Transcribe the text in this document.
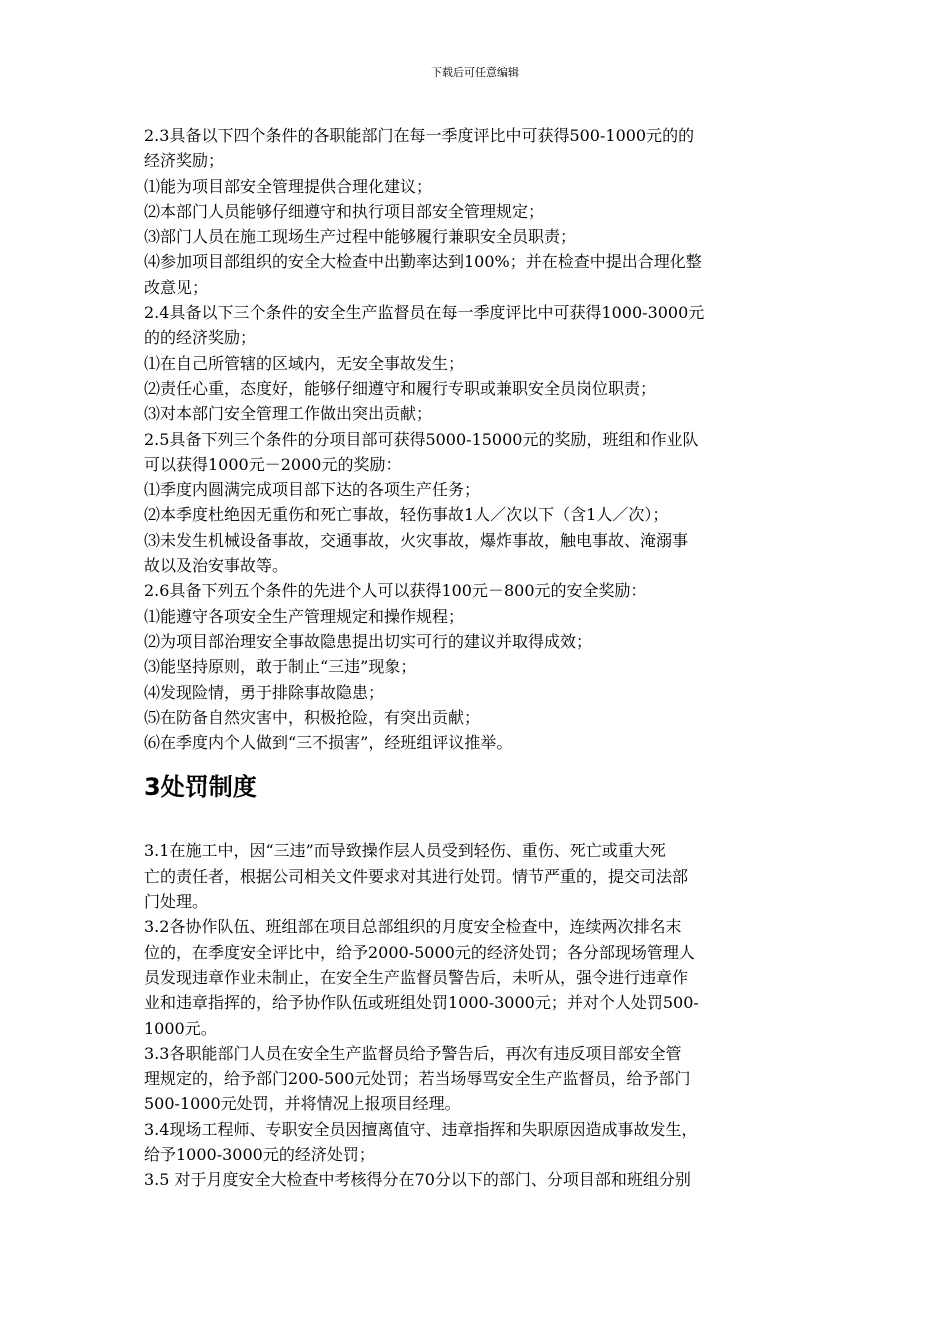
下载后可任意编辑
2.3具备以下四个条件的各职能部门在每一季度评比中可获得500-1000元的的
经济奖励；
⑴能为项目部安全管理提供合理化建议；
⑵本部门人员能够仔细遵守和执行项目部安全管理规定；
⑶部门人员在施工现场生产过程中能够履行兼职安全员职责；
⑷参加项目部组织的安全大检查中出勤率达到100%；并在检查中提出合理化整
改意见；
2.4具备以下三个条件的安全生产监督员在每一季度评比中可获得1000-3000元
的的经济奖励；
⑴在自己所管辖的区域内，无安全事故发生；
⑵责任心重，态度好，能够仔细遵守和履行专职或兼职安全员岗位职责；
⑶对本部门安全管理工作做出突出贡献；
2.5具备下列三个条件的分项目部可获得5000-15000元的奖励，班组和作业队
可以获得1000元－2000元的奖励：
⑴季度内圆满完成项目部下达的各项生产任务；
⑵本季度杜绝因无重伤和死亡事故，轻伤事故1人／次以下（含1人／次）；
⑶未发生机械设备事故，交通事故，火灾事故，爆炸事故，触电事故、淹溺事
故以及治安事故等。
2.6具备下列五个条件的先进个人可以获得100元－800元的安全奖励：
⑴能遵守各项安全生产管理规定和操作规程；
⑵为项目部治理安全事故隐患提出切实可行的建议并取得成效；
⑶能坚持原则，敢于制止“三违”现象；
⑷发现险情，勇于排除事故隐患；
⑸在防备自然灾害中，积极抢险，有突出贡献；
⑹在季度内个人做到“三不损害”，经班组评议推举。
3处罚制度
3.1在施工中，因“三违”而导致操作层人员受到轻伤、重伤、死亡或重大死
亡的责任者，根据公司相关文件要求对其进行处罚。情节严重的，提交司法部
门处理。
3.2各协作队伍、班组部在项目总部组织的月度安全检查中，连续两次排名末
位的，在季度安全评比中，给予2000-5000元的经济处罚；各分部现场管理人
员发现违章作业未制止，在安全生产监督员警告后，未听从，强令进行违章作
业和违章指挥的，给予协作队伍或班组处罚1000-3000元；并对个人处罚500-
1000元。
3.3各职能部门人员在安全生产监督员给予警告后，再次有违反项目部安全管
理规定的，给予部门200-500元处罚；若当场辱骂安全生产监督员，给予部门
500-1000元处罚，并将情况上报项目经理。
3.4现场工程师、专职安全员因擅离值守、违章指挥和失职原因造成事故发生，
给予1000-3000元的经济处罚；
3.5 对于月度安全大检查中考核得分在70分以下的部门、分项目部和班组分别
